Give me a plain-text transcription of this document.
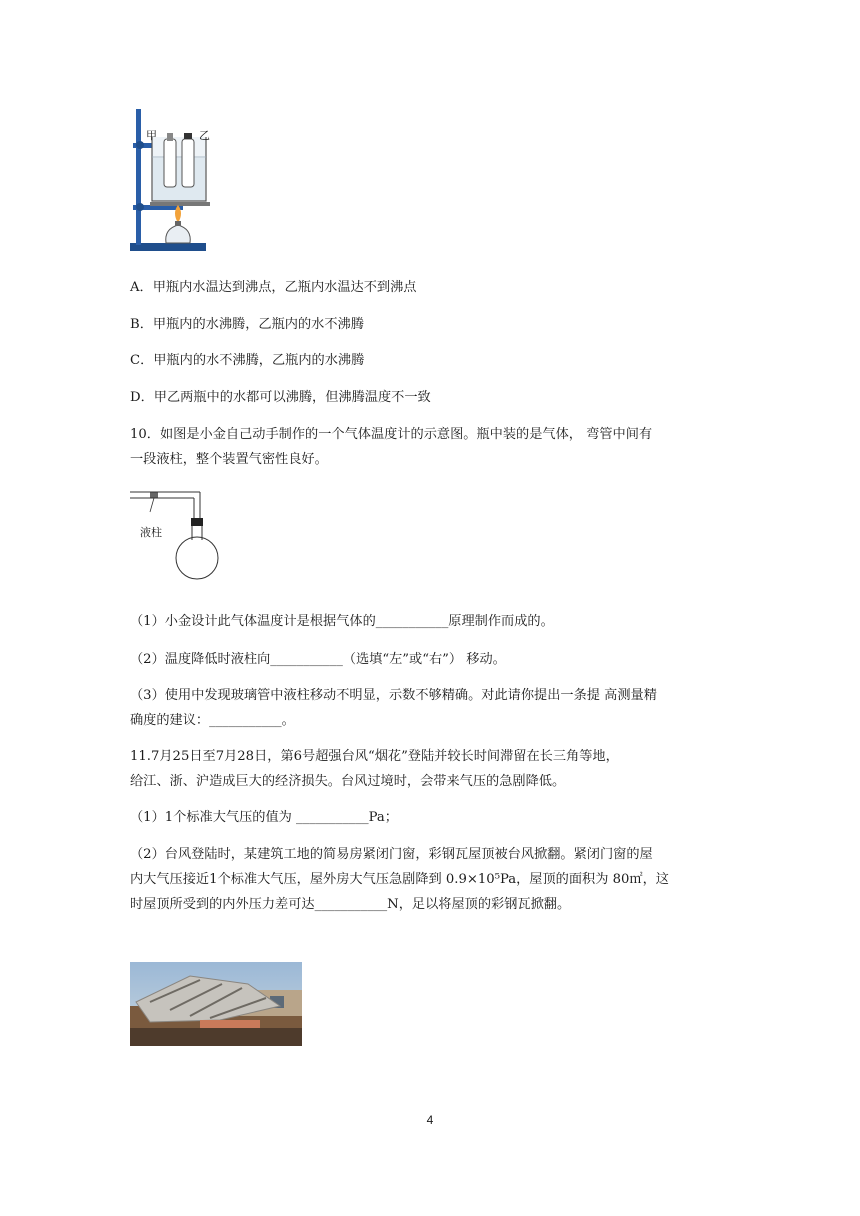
甲	乙
A．甲瓶内水温达到沸点，乙瓶内水温达不到沸点
B．甲瓶内的水沸腾，乙瓶内的水不沸腾
C．甲瓶内的水不沸腾，乙瓶内的水沸腾
D．甲乙两瓶中的水都可以沸腾，但沸腾温度不一致
10．如图是小金自己动手制作的一个气体温度计的示意图。瓶中装的是气体， 弯管中间有
一段液柱，整个装置气密性良好。
液柱
（1）小金设计此气体温度计是根据气体的___________原理制作而成的。
（2）温度降低时液柱向___________（选填“左”或“右”） 移动。
（3）使用中发现玻璃管中液柱移动不明显，示数不够精确。对此请你提出一条提 高测量精
确度的建议：___________。
11.7月25日至7月28日，第6号超强台风“烟花”登陆并较长时间滞留在长三角等地，
给江、浙、沪造成巨大的经济损失。台风过境时，会带来气压的急剧降低。
（1）1个标准大气压的值为 ___________Pa；
（2）台风登陆时，某建筑工地的简易房紧闭门窗，彩钢瓦屋顶被台风掀翻。紧闭门窗的屋
内大气压接近1个标准大气压，屋外房大气压急剧降到 0.9×10⁵Pa，屋顶的面积为 80㎡，这
时屋顶所受到的内外压力差可达___________N，足以将屋顶的彩钢瓦掀翻。
4
